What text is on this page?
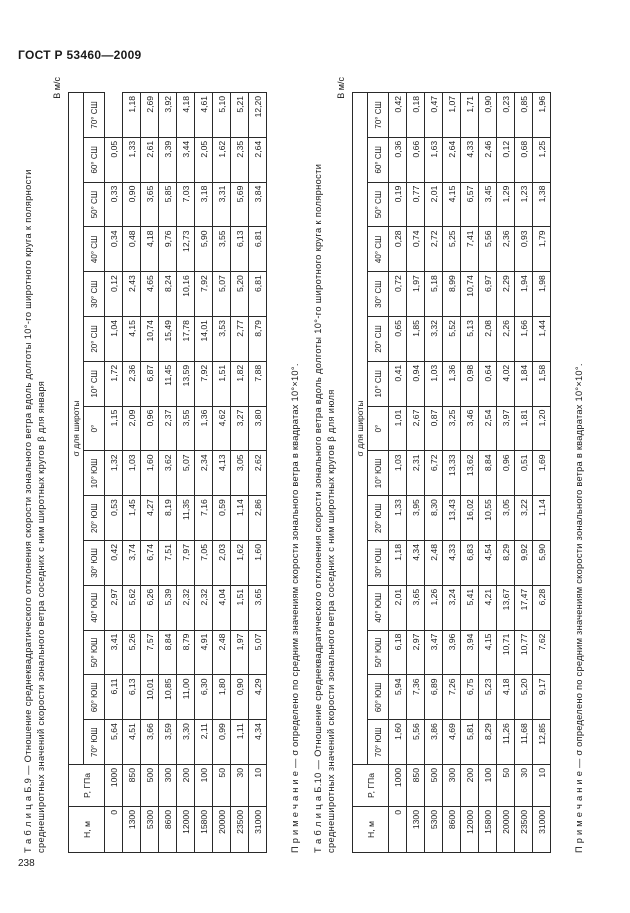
ГОСТ Р 53460—2009
238
Т а б л и ц а Б.9 — Отношение среднеквадратического отклонения скорости зонального ветра вдоль долготы 10°-го широтного круга к полярности среднеширотных значений скорости зонального ветра соседних с ним широтных кругов β для января
В м/с
H, м	P, ГПа	σ для широты														
		70° ЮШ	60° ЮШ	50° ЮШ	40° ЮШ	30° ЮШ	20° ЮШ	10° ЮШ	0°	10° СШ	20° СШ	30° СШ	40° СШ	50° СШ	60° СШ	70° СШ
0	1000	5,64	6,11	3,41	2,97	0,42	0,53	1,32	1,15	1,72	1,04	0,12	0,34	0,33	0,05	
1300	850	4,51	6,13	5,26	5,62	3,74	1,45	1,03	2,09	2,36	4,15	2,43	0,48	0,90	1,33	1,18
5300	500	3,66	10,01	7,57	6,26	6,74	4,27	1,60	0,96	6,87	10,74	4,65	4,18	3,65	2,61	2,69
8600	300	3,59	10,85	8,84	5,39	7,51	8,19	3,62	2,37	11,45	15,49	8,24	9,76	5,85	3,39	3,92
12000	200	3,30	11,00	8,79	2,32	7,97	11,35	5,07	3,55	13,59	17,78	10,16	12,73	7,03	3,44	4,18
15800	100	2,11	6,30	4,91	2,32	7,05	7,16	2,34	1,36	7,92	14,01	7,92	5,90	3,18	2,05	4,61
20000	50	0,99	1,80	2,48	4,04	2,03	0,59	4,13	4,62	1,51	3,53	5,07	3,55	3,31	1,62	5,10
23500	30	1,11	0,90	1,97	1,51	1,62	1,14	3,05	3,27	1,82	2,77	5,20	6,13	5,69	2,35	5,21
31000	10	4,34	4,29	5,07	3,65	1,60	2,86	2,62	3,80	7,88	8,79	6,81	6,81	3,84	2,64	12,20
П р и м е ч а н и е — σ определено по средним значениям скорости зонального ветра в квадратах 10°×10°. Т а б л и ц а Б.10 — Отношение среднеквадратического отклонения скорости зонального ветра вдоль долготы 10°-го широтного круга к полярности среднеширотных значений скорости зонального ветра соседних с ним широтных кругов β для июля
В м/с
H, м	P, ГПа	σ для широты														
		70° ЮШ	60° ЮШ	50° ЮШ	40° ЮШ	30° ЮШ	20° ЮШ	10° ЮШ	0°	10° СШ	20° СШ	30° СШ	40° СШ	50° СШ	60° СШ	70° СШ
0	1000	1,60	5,94	6,18	2,01	1,18	1,33	1,03	1,01	0,41	0,65	0,72	0,28	0,19	0,36	0,42
1300	850	5,56	7,36	2,97	3,65	4,34	3,95	2,31	2,67	0,94	1,85	1,97	0,74	0,77	0,66	0,18
5300	500	3,86	6,89	3,47	1,26	2,48	8,30	6,72	0,87	1,03	3,32	5,18	2,72	2,01	1,63	0,47
8600	300	4,69	7,26	3,96	3,24	4,33	13,43	13,33	3,25	1,36	5,52	8,99	5,25	4,15	2,64	1,07
12000	200	5,81	6,75	3,94	5,41	6,83	16,02	13,62	3,46	0,98	5,13	10,74	7,41	6,57	4,33	1,71
15800	100	8,29	5,23	4,15	4,21	4,54	10,55	8,84	2,54	0,64	2,08	6,97	5,56	3,45	2,46	0,90
20000	50	11,26	4,18	10,71	13,67	8,29	3,05	0,96	3,97	4,02	2,26	2,29	2,36	1,29	0,12	0,23
23500	30	11,68	5,20	10,77	17,47	9,92	3,22	0,51	1,81	1,84	1,66	1,94	0,93	1,23	0,68	0,85
31000	10	12,85	9,17	7,62	6,28	5,90	1,14	1,69	1,20	1,58	1,44	1,98	1,79	1,38	1,25	1,96
П р и м е ч а н и е — σ определено по средним значениям скорости зонального ветра в квадратах 10°×10°.
